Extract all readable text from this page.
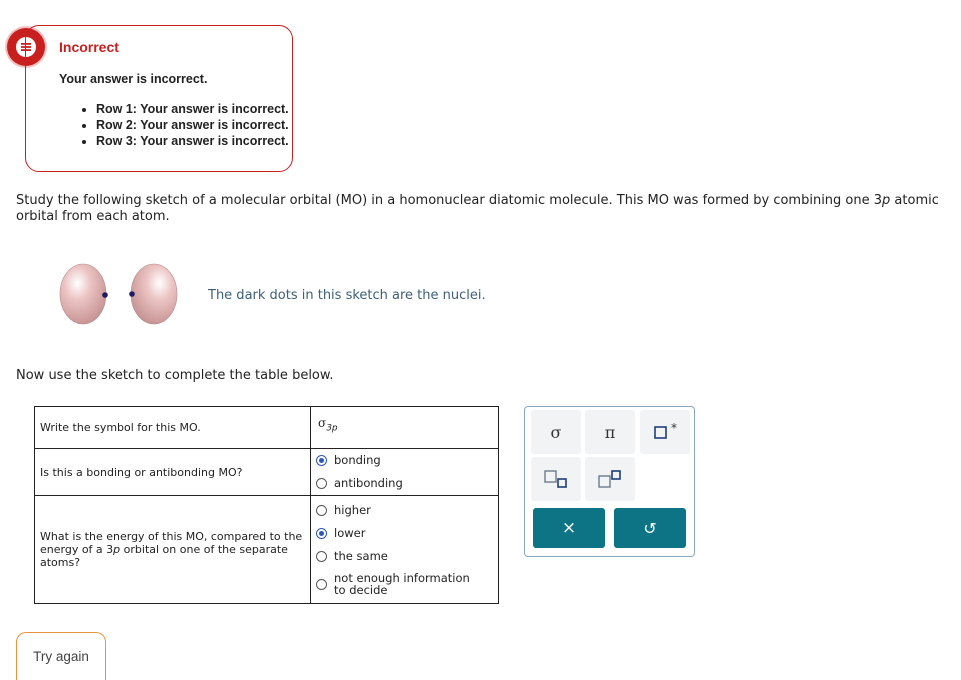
Incorrect
Your answer is incorrect.
• Row 1: Your answer is incorrect.
• Row 2: Your answer is incorrect.
• Row 3: Your answer is incorrect.
Study the following sketch of a molecular orbital (MO) in a homonuclear diatomic molecule. This MO was formed by combining one 3p atomic orbital from each atom.
The dark dots in this sketch are the nuclei.
Now use the sketch to complete the table below.
Write the symbol for this MO.	$\sigma_{3p}$

Is this a bonding or antibonding MO?	bonding
antibonding

What is the energy of this MO, compared to the energy of a 3p orbital on one of the separate atoms?	higher
lower
the same
not enough information to decide
σ	π	*
×	↺
Try again
